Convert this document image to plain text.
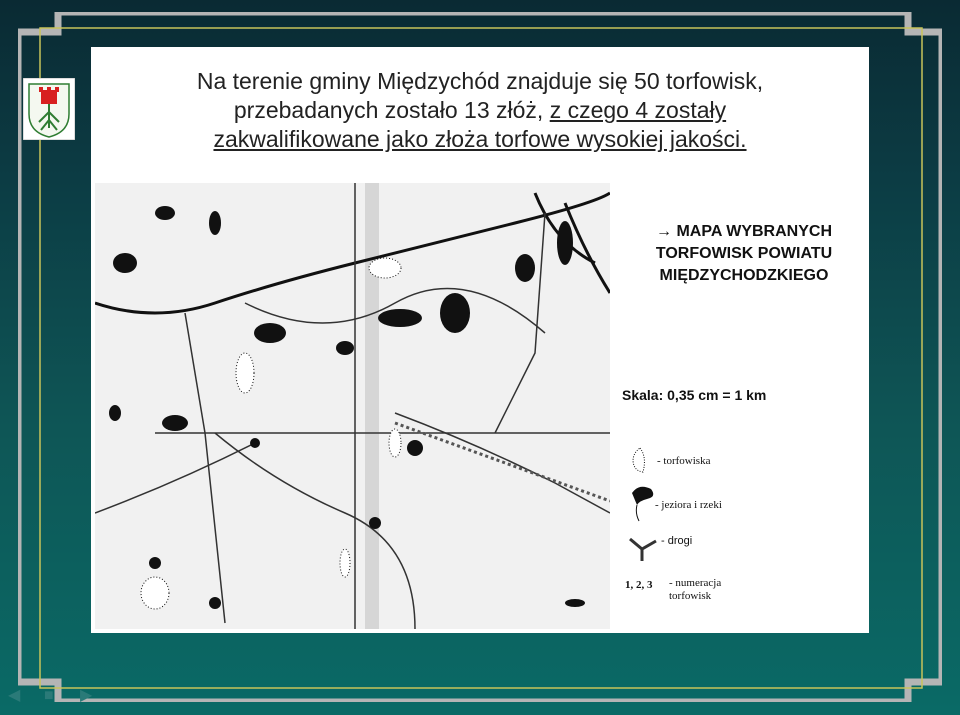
Na terenie gminy Międzychód znajduje się 50 torfowisk,
przebadanych zostało 13 złóż, z czego 4 zostały
zakwalifikowane jako złoża torfowe wysokiej jakości.
→ MAPA WYBRANYCH TORFOWISK POWIATU MIĘDZYCHODZKIEGO
Skala: 0,35 cm = 1 km
- torfowiska
- jeziora i rzeki
- drogi
1, 2, 3 - numeracja torfowisk
◀ ■ ▶
